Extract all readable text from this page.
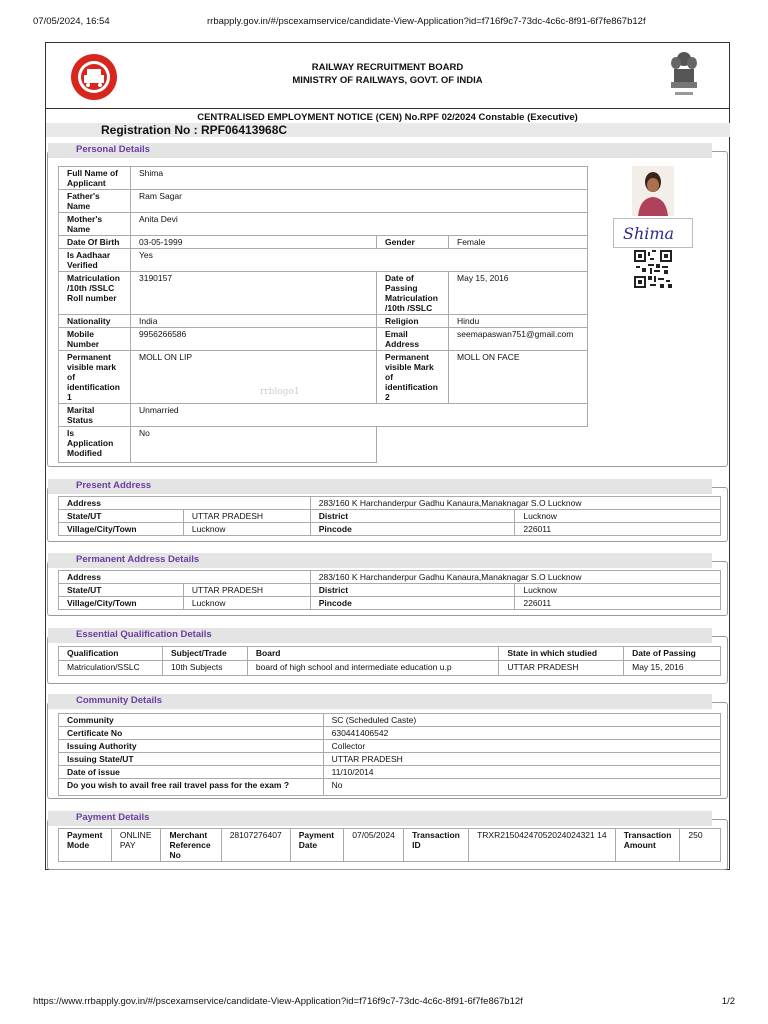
07/05/2024, 16:54	rrbapply.gov.in/#/pscexamservice/candidate-View-Application?id=f716f9c7-73dc-4c6c-8f91-6f7fe867b12f
RAILWAY RECRUITMENT BOARD
MINISTRY OF RAILWAYS, GOVT. OF INDIA
CENTRALISED EMPLOYMENT NOTICE (CEN) No.RPF 02/2024 Constable (Executive)
Registration No : RPF06413968C
Personal Details
Full Name of Applicant	Shima		
Father's Name	Ram Sagar		
Mother's Name	Anita Devi		
Date Of Birth	03-05-1999	Gender	Female
Is Aadhaar Verified	Yes		
Matriculation /10th /SSLC Roll number	3190157	Date of Passing Matriculation /10th /SSLC	May 15, 2016
Nationality	India	Religion	Hindu
Mobile Number	9956266586	Email Address	seemapaswan751@gmail.com
Permanent visible mark of identification 1	MOLL ON LIP	Permanent visible Mark of identification 2	MOLL ON FACE
Marital Status	Unmarried		
Is Application Modified	No		
Present Address
Address		283/160 K Harchanderpur Gadhu Kanaura,Manaknagar S.O Lucknow	
State/UT	UTTAR PRADESH	District	Lucknow
Village/City/Town	Lucknow	Pincode	226011
Permanent Address Details
Address		283/160 K Harchanderpur Gadhu Kanaura,Manaknagar S.O Lucknow	
State/UT	UTTAR PRADESH	District	Lucknow
Village/City/Town	Lucknow	Pincode	226011
Essential Qualification Details
Qualification	Subject/Trade	Board	State in which studied	Date of Passing
Matriculation/SSLC	10th Subjects	board of high school and intermediate education u.p	UTTAR PRADESH	May 15, 2016
Community Details
Community	SC (Scheduled Caste)
Certificate No	630441406542
Issuing Authority	Collector
Issuing State/UT	UTTAR PRADESH
Date of issue	11/10/2014
Do you wish to avail free rail travel pass for the exam ?	No
Payment Details
Payment Mode	ONLINE PAY	Merchant Reference No	28107276407	Payment Date	07/05/2024	Transaction ID	TRXR21504247052024024321 14	Transaction Amount	250
Shima
rrblogo1
https://www.rrbapply.gov.in/#/pscexamservice/candidate-View-Application?id=f716f9c7-73dc-4c6c-8f91-6f7fe867b12f	1/2
